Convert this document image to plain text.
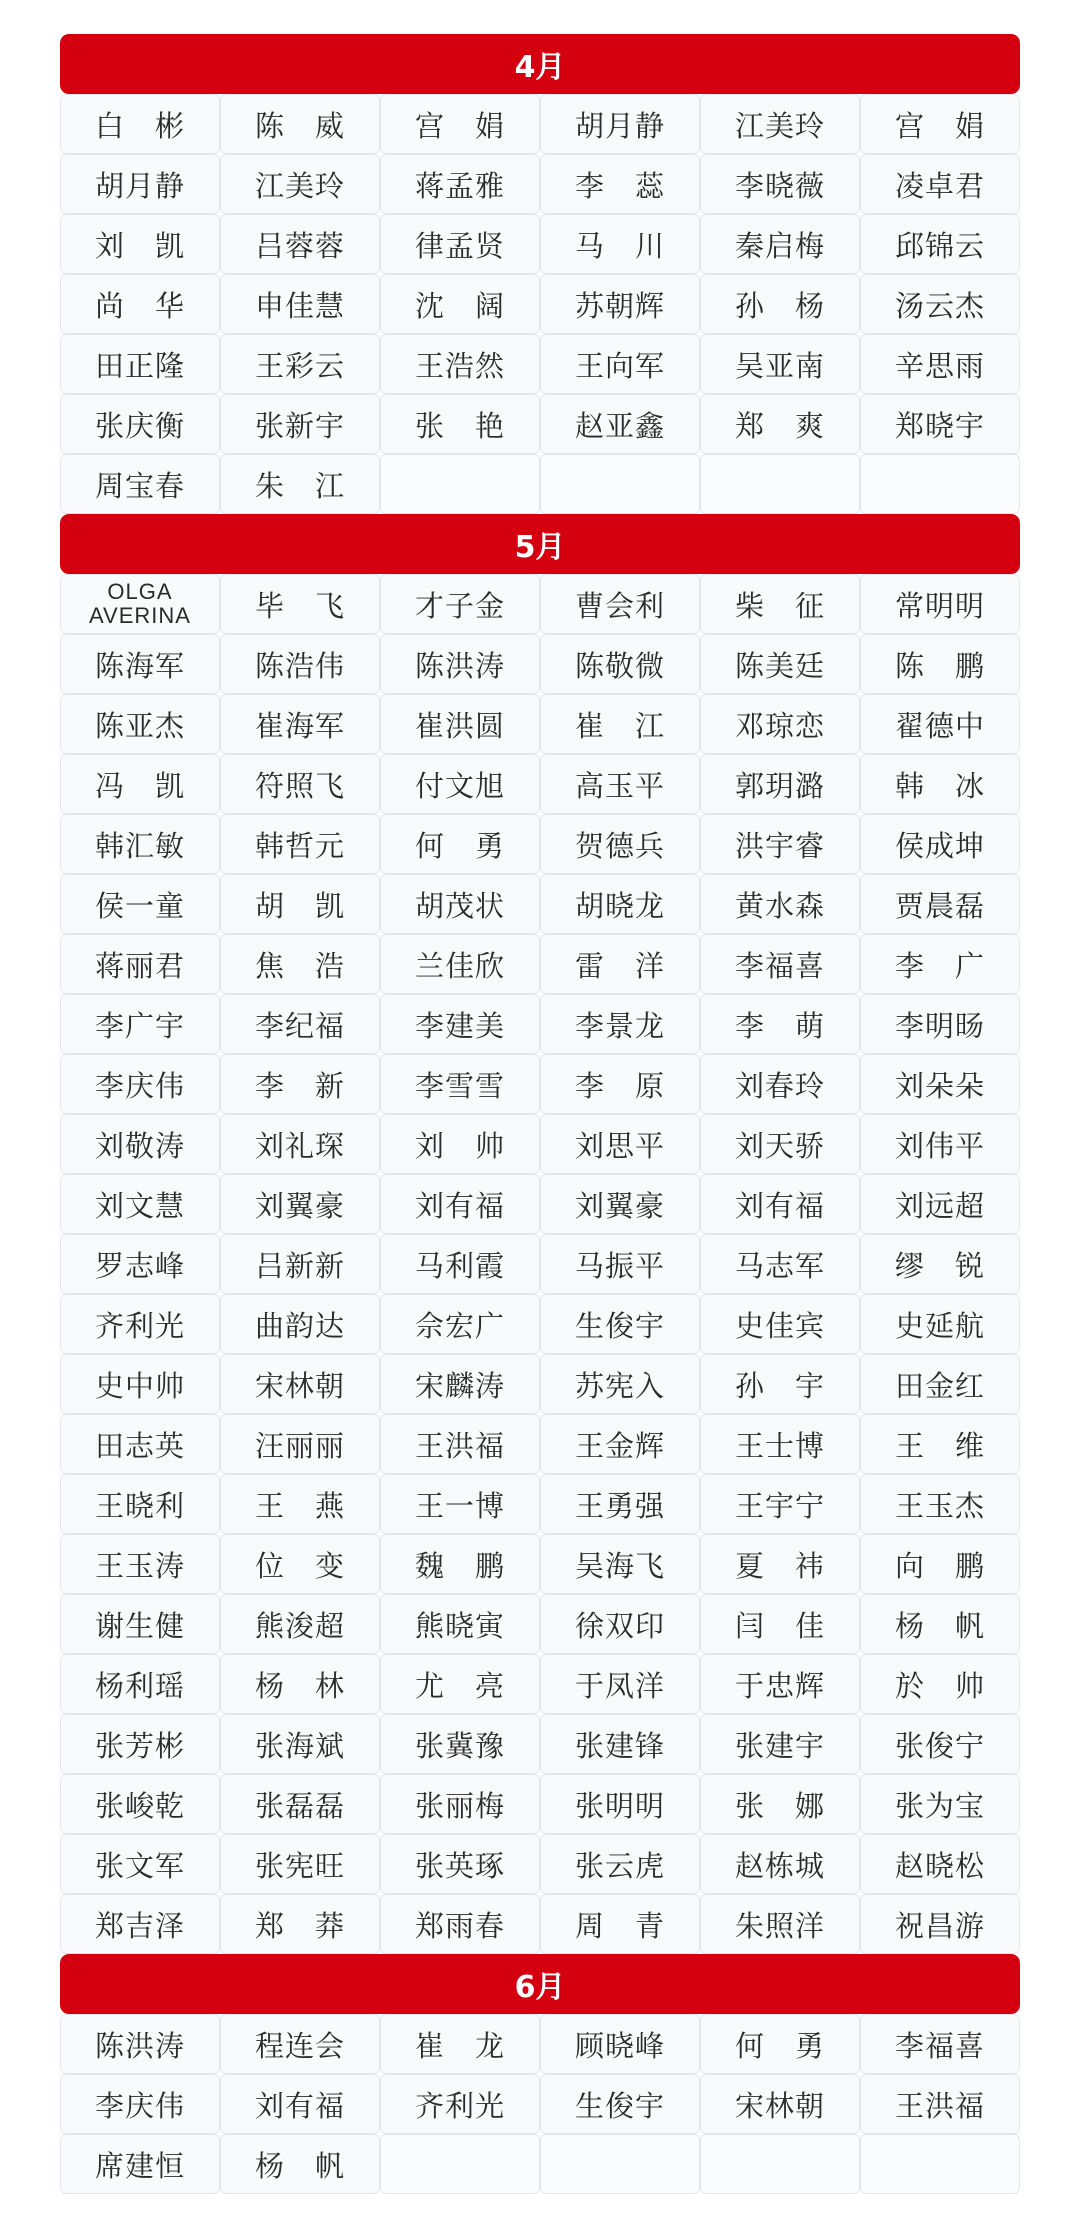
4月
白　彬	陈　威	宫　娟	胡月静	江美玲	宫　娟
胡月静	江美玲	蒋孟雅	李　蕊	李晓薇	凌卓君
刘　凯	吕蓉蓉	律孟贤	马　川	秦启梅	邱锦云
尚　华	申佳慧	沈　阔	苏朝辉	孙　杨	汤云杰
田正隆	王彩云	王浩然	王向军	吴亚南	辛思雨
张庆衡	张新宇	张　艳	赵亚鑫	郑　爽	郑晓宇
周宝春	朱　江
5月
OLGA AVERINA	毕　飞	才子金	曹会利	柴　征	常明明
陈海军	陈浩伟	陈洪涛	陈敬微	陈美廷	陈　鹏
陈亚杰	崔海军	崔洪圆	崔　江	邓琼恋	翟德中
冯　凯	符照飞	付文旭	高玉平	郭玥潞	韩　冰
韩汇敏	韩哲元	何　勇	贺德兵	洪宇睿	侯成坤
侯一童	胡　凯	胡茂状	胡晓龙	黄水森	贾晨磊
蒋丽君	焦　浩	兰佳欣	雷　洋	李福喜	李　广
李广宇	李纪福	李建美	李景龙	李　萌	李明旸
李庆伟	李　新	李雪雪	李　原	刘春玲	刘朵朵
刘敬涛	刘礼琛	刘　帅	刘思平	刘天骄	刘伟平
刘文慧	刘翼豪	刘有福	刘翼豪	刘有福	刘远超
罗志峰	吕新新	马利霞	马振平	马志军	缪　锐
齐利光	曲韵达	佘宏广	生俊宇	史佳宾	史延航
史中帅	宋林朝	宋麟涛	苏宪入	孙　宇	田金红
田志英	汪丽丽	王洪福	王金辉	王士博	王　维
王晓利	王　燕	王一博	王勇强	王宇宁	王玉杰
王玉涛	位　变	魏　鹏	吴海飞	夏　祎	向　鹏
谢生健	熊浚超	熊晓寅	徐双印	闫　佳	杨　帆
杨利瑶	杨　林	尤　亮	于凤洋	于忠辉	於　帅
张芳彬	张海斌	张冀豫	张建锋	张建宇	张俊宁
张峻乾	张磊磊	张丽梅	张明明	张　娜	张为宝
张文军	张宪旺	张英琢	张云虎	赵栋城	赵晓松
郑吉泽	郑　莽	郑雨春	周　青	朱照洋	祝昌游
6月
陈洪涛	程连会	崔　龙	顾晓峰	何　勇	李福喜
李庆伟	刘有福	齐利光	生俊宇	宋林朝	王洪福
席建恒	杨　帆
